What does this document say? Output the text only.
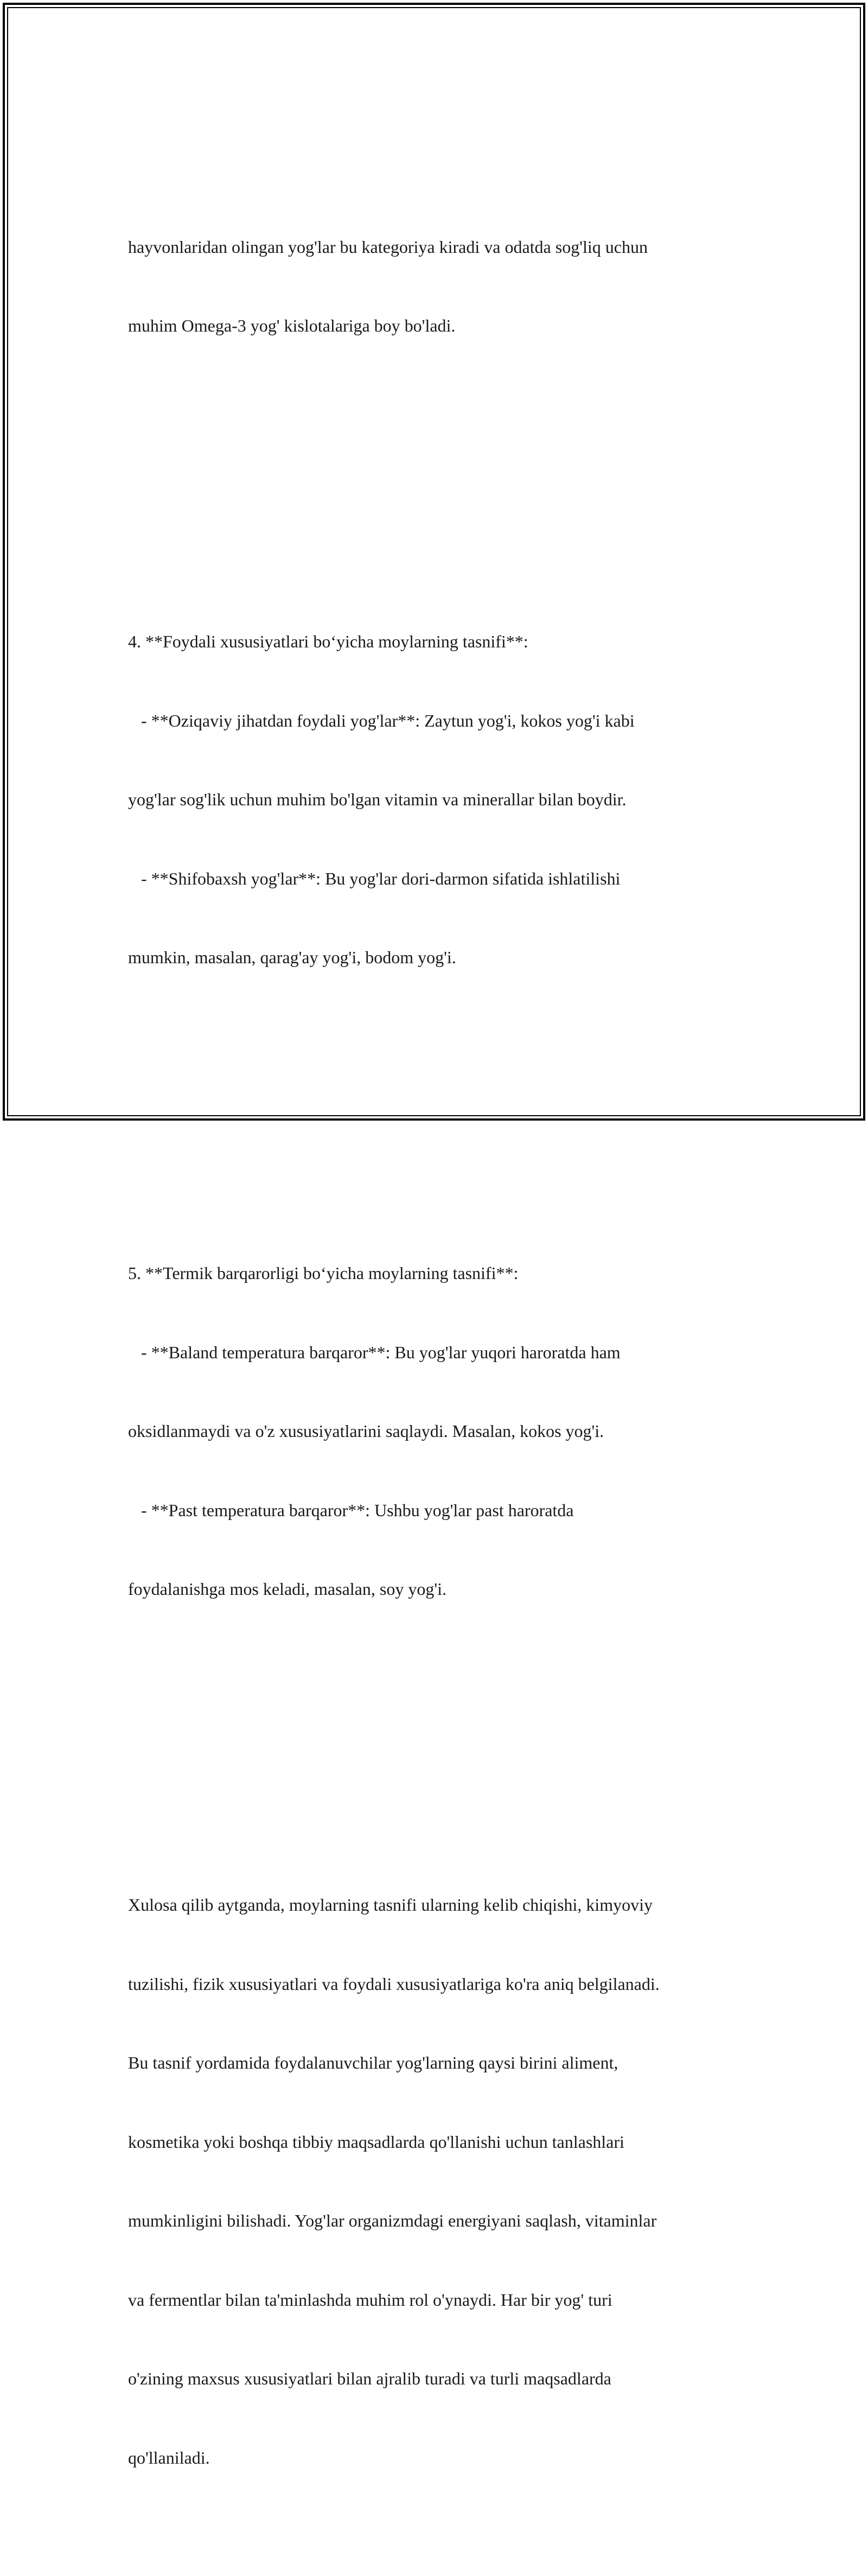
hayvonlaridan olingan yog'lar bu kategoriya kiradi va odatda sog'liq uchun

muhim Omega-3 yog' kislotalariga boy bo'ladi.

4. **Foydali xususiyatlari bo‘yicha moylarning tasnifi**:

- **Oziqaviy jihatdan foydali yog'lar**: Zaytun yog'i, kokos yog'i kabi

yog'lar sog'lik uchun muhim bo'lgan vitamin va minerallar bilan boydir.

- **Shifobaxsh yog'lar**: Bu yog'lar dori-darmon sifatida ishlatilishi

mumkin, masalan, qarag'ay yog'i, bodom yog'i.

5. **Termik barqarorligi bo‘yicha moylarning tasnifi**:

- **Baland temperatura barqaror**: Bu yog'lar yuqori haroratda ham

oksidlanmaydi va o'z xususiyatlarini saqlaydi. Masalan, kokos yog'i.

- **Past temperatura barqaror**: Ushbu yog'lar past haroratda

foydalanishga mos keladi, masalan, soy yog'i.

Xulosa qilib aytganda, moylarning tasnifi ularning kelib chiqishi, kimyoviy

tuzilishi, fizik xususiyatlari va foydali xususiyatlariga ko'ra aniq belgilanadi.

Bu tasnif yordamida foydalanuvchilar yog'larning qaysi birini aliment,

kosmetika yoki boshqa tibbiy maqsadlarda qo'llanishi uchun tanlashlari

mumkinligini bilishadi. Yog'lar organizmdagi energiyani saqlash, vitaminlar

va fermentlar bilan ta'minlashda muhim rol o'ynaydi. Har bir yog' turi

o'zining maxsus xususiyatlari bilan ajralib turadi va turli maqsadlarda

qo'llaniladi.
